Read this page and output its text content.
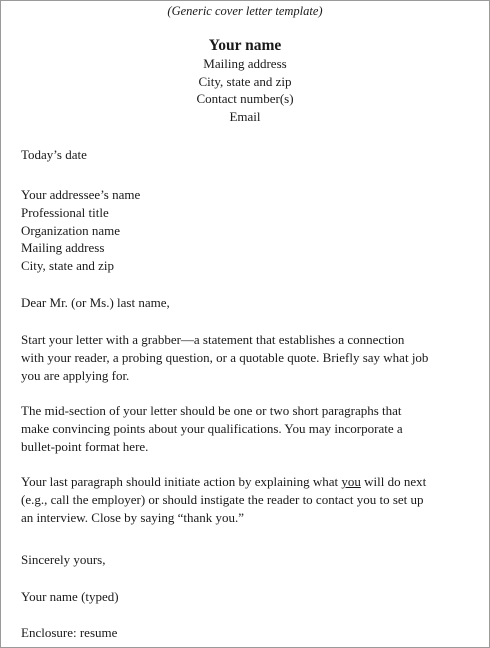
(Generic cover letter template)
Your name
Mailing address
City, state and zip
Contact number(s)
Email
Today’s date
Your addressee’s name
Professional title
Organization name
Mailing address
City, state and zip
Dear Mr. (or Ms.) last name,
Start your letter with a grabber—a statement that establishes a connection
with your reader, a probing question, or a quotable quote. Briefly say what job
you are applying for.
The mid-section of your letter should be one or two short paragraphs that
make convincing points about your qualifications. You may incorporate a
bullet-point format here.
Your last paragraph should initiate action by explaining what you will do next
(e.g., call the employer) or should instigate the reader to contact you to set up
an interview. Close by saying “thank you.”
Sincerely yours,
Your name (typed)
Enclosure: resume
